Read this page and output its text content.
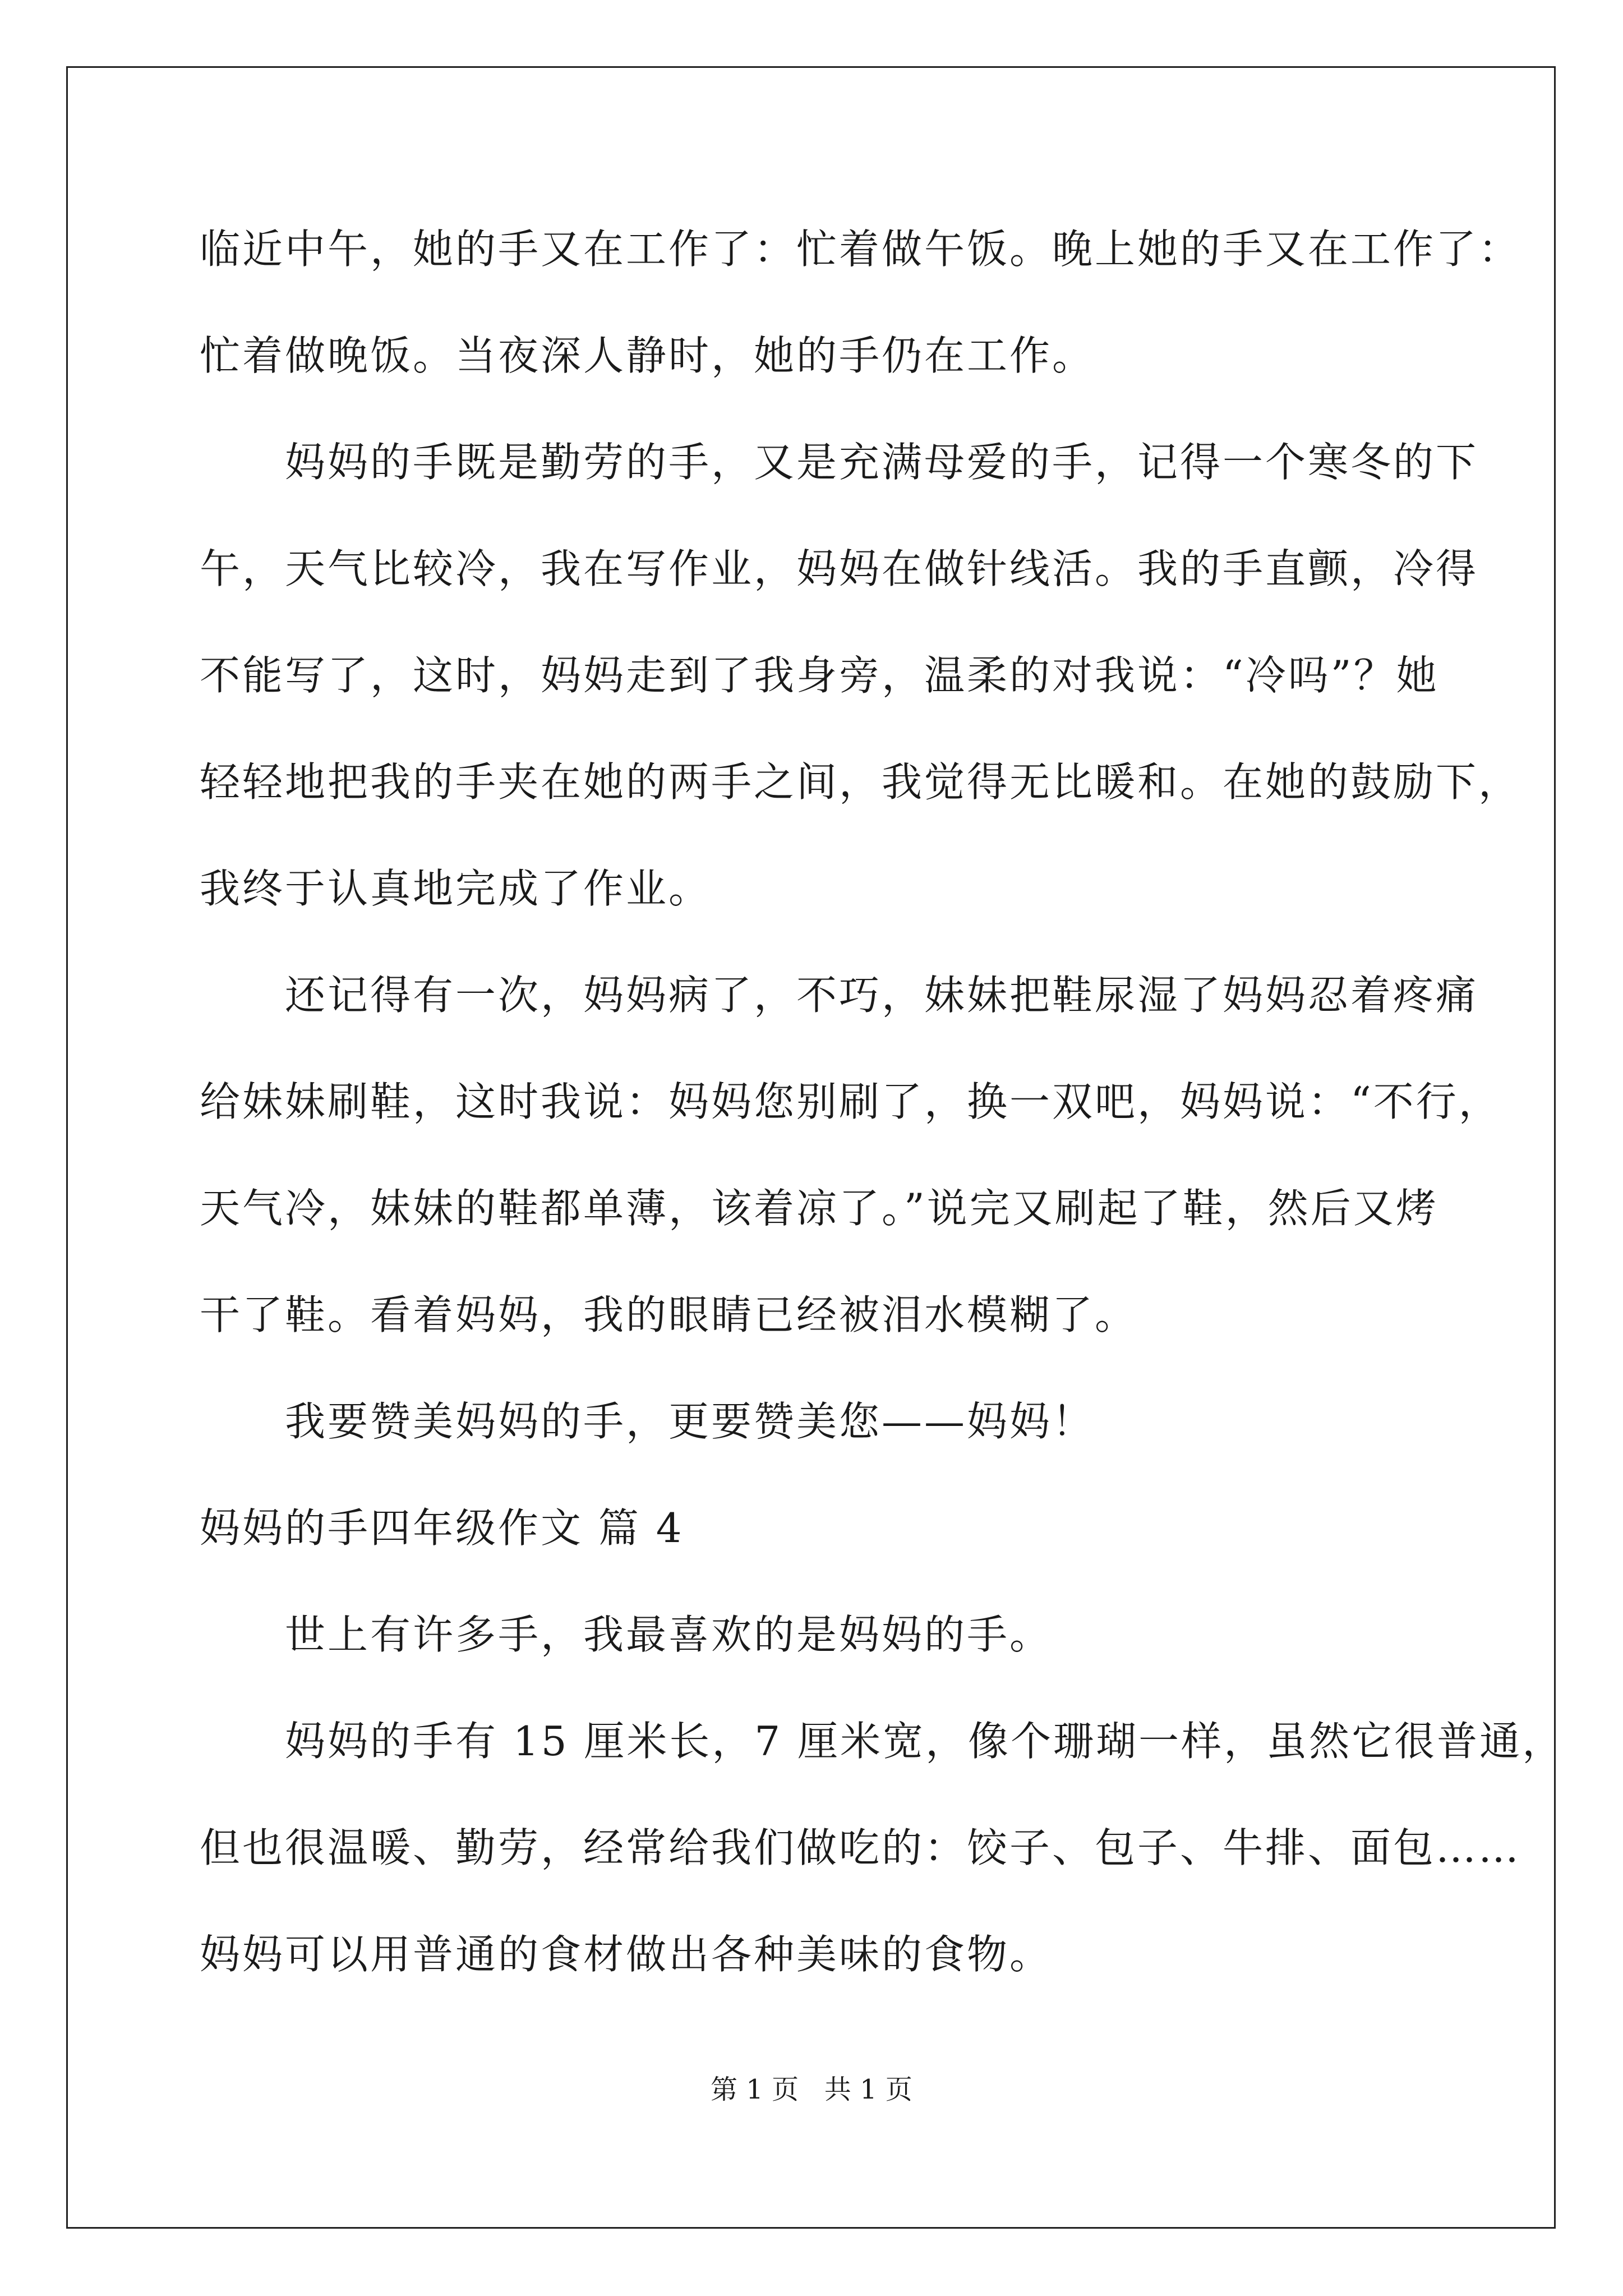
临近中午，她的手又在工作了：忙着做午饭。晚上她的手又在工作了：
忙着做晚饭。当夜深人静时，她的手仍在工作。
　　妈妈的手既是勤劳的手，又是充满母爱的手，记得一个寒冬的下
午，天气比较冷，我在写作业，妈妈在做针线活。我的手直颤，冷得
不能写了，这时，妈妈走到了我身旁，温柔的对我说：“冷吗”？她
轻轻地把我的手夹在她的两手之间，我觉得无比暖和。在她的鼓励下，
我终于认真地完成了作业。
　　还记得有一次，妈妈病了，不巧，妹妹把鞋尿湿了妈妈忍着疼痛
给妹妹刷鞋，这时我说：妈妈您别刷了，换一双吧，妈妈说：“不行，
天气冷，妹妹的鞋都单薄，该着凉了。”说完又刷起了鞋，然后又烤
干了鞋。看着妈妈，我的眼睛已经被泪水模糊了。
　　我要赞美妈妈的手，更要赞美您——妈妈！
妈妈的手四年级作文 篇 4
　　世上有许多手，我最喜欢的是妈妈的手。
　　妈妈的手有 15 厘米长，7 厘米宽，像个珊瑚一样，虽然它很普通，
但也很温暖、勤劳，经常给我们做吃的：饺子、包子、牛排、面包……
妈妈可以用普通的食材做出各种美味的食物。
第 1 页   共 1 页
